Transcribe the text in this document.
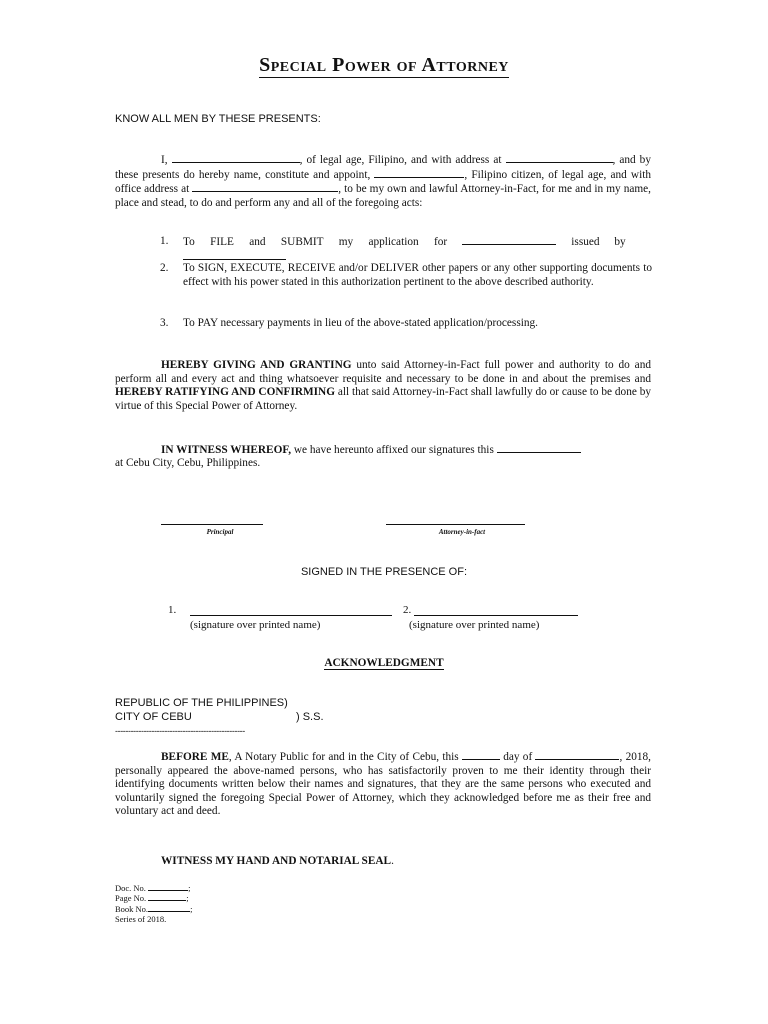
Special Power of Attorney
KNOW ALL MEN BY THESE PRESENTS:
I,	, of legal age, Filipino, and with address at	, and by these presents do hereby name, constitute and appoint,	, Filipino citizen, of legal age, and with office address at	, to be my own and lawful Attorney-in-Fact, for me and in my name, place and stead, to do and perform any and all of the foregoing acts:
1. To FILE and SUBMIT my application for	issued by

2. To SIGN, EXECUTE, RECEIVE and/or DELIVER other papers or any other supporting documents to effect with his power stated in this authorization pertinent to the above described authority.
3. To PAY necessary payments in lieu of the above-stated application/processing.
HEREBY GIVING AND GRANTING unto said Attorney-in-Fact full power and authority to do and perform all and every act and thing whatsoever requisite and necessary to be done in and about the premises and HEREBY RATIFYING AND CONFIRMING all that said Attorney-in-Fact shall lawfully do or cause to be done by virtue of this Special Power of Attorney.
IN WITNESS WHEREOF, we have hereunto affixed our signatures this
at Cebu City, Cebu, Philippines.
Principal	Attorney-in-fact
SIGNED IN THE PRESENCE OF:
1.
(signature over printed name)
2.
(signature over printed name)
ACKNOWLEDGMENT
REPUBLIC OF THE PHILIPPINES)
CITY OF CEBU	) S.S.
--------------------------------------------------
BEFORE ME, A Notary Public for and in the City of Cebu, this	day of	, 2018, personally appeared the above-named persons, who has satisfactorily proven to me their identity through their identifying documents written below their names and signatures, that they are the same persons who executed and voluntarily signed the foregoing Special Power of Attorney, which they acknowledged before me as their free and voluntary act and deed.
WITNESS MY HAND AND NOTARIAL SEAL.
Doc. No.	;
Page No.	;
Book No.	;
Series of 2018.
